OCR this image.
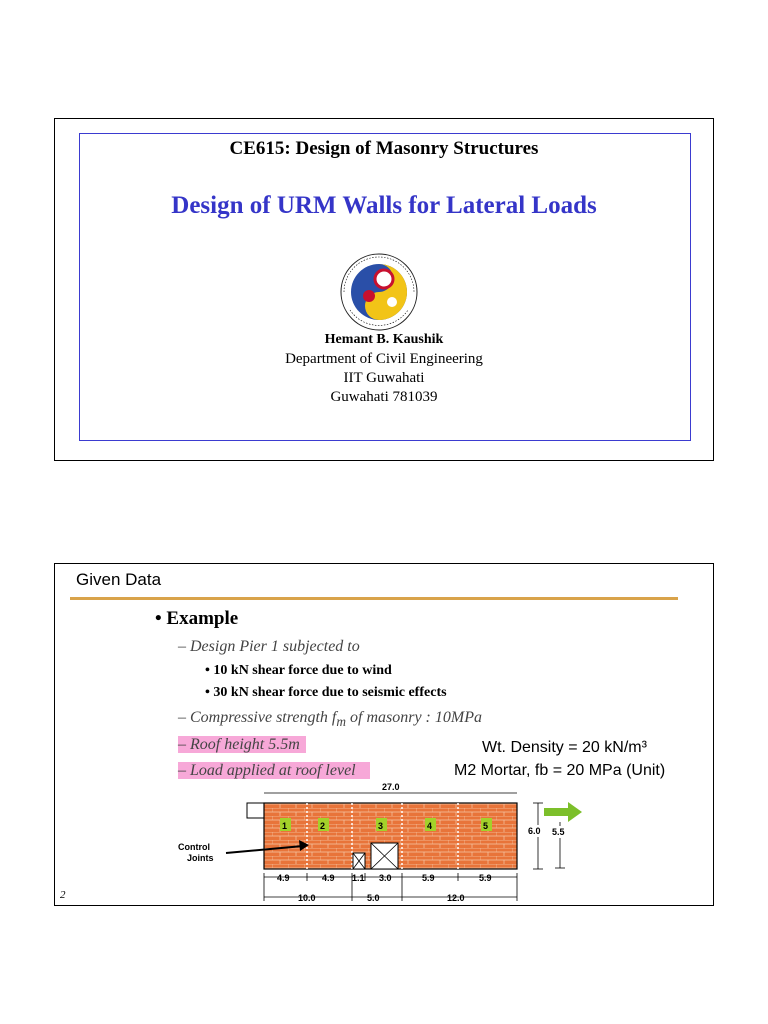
CE615: Design of Masonry Structures
Design of URM Walls for Lateral Loads
Hemant B. Kaushik
Department of Civil Engineering
IIT Guwahati
Guwahati 781039
Given Data
• Example
– Design Pier 1 subjected to
• 10 kN shear force due to wind
• 30 kN shear force due to seismic effects
– Compressive strength $f_m$ of masonry : 10MPa
– Roof height 5.5m
– Load applied at roof level
Wt. Density = 20 kN/m³
M2 Mortar, fb = 20 MPa (Unit)
27.0
1	2	3	4	5
Control
Joints
6.0 5.5
4.9	4.9 1.1 3.0	5.9	5.9
10.0	5.0	12.0
2
